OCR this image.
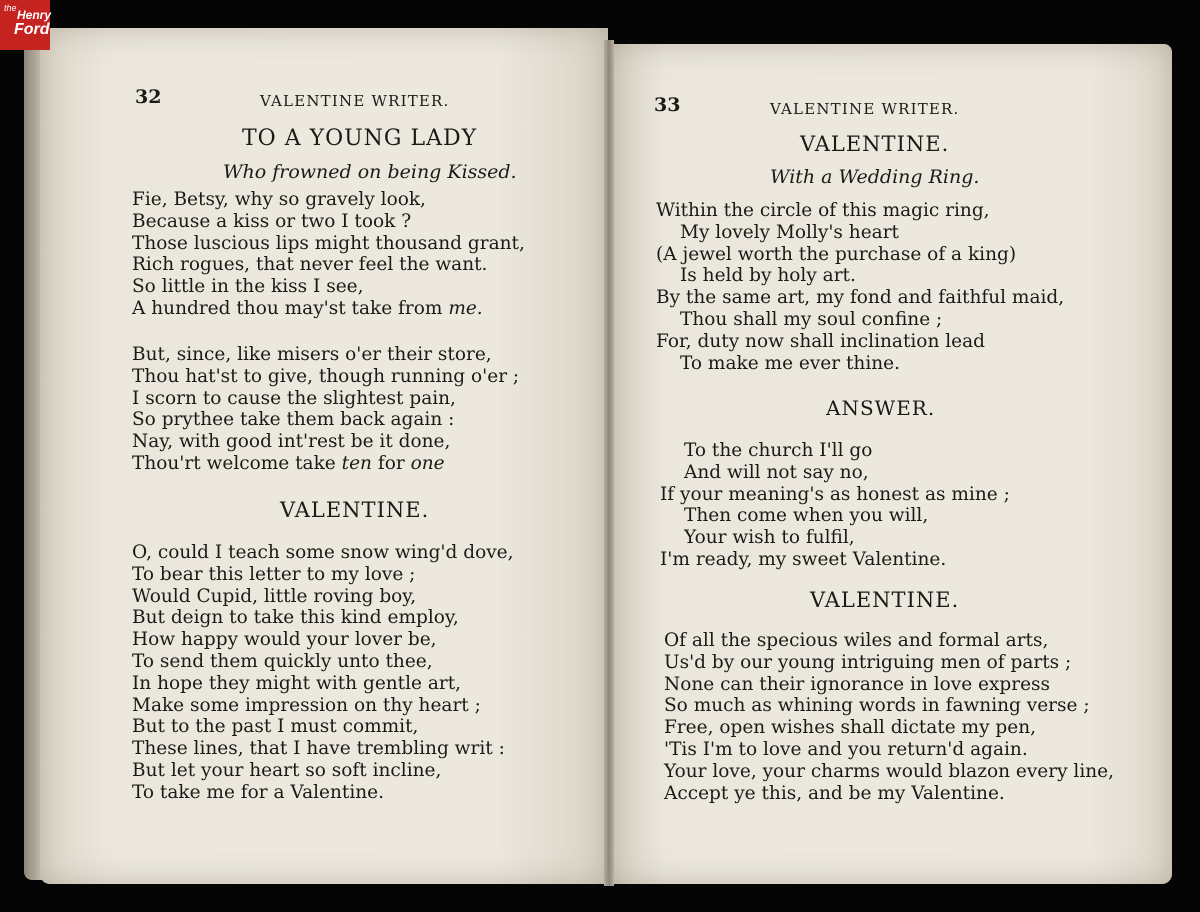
the Henry
Ford
32	VALENTINE WRITER.
TO A YOUNG LADY
Who frowned on being Kissed.
Fie, Betsy, why so gravely look,
Because a kiss or two I took ?
Those luscious lips might thousand grant,
Rich rogues, that never feel the want.
So little in the kiss I see,
A hundred thou may'st take from me.
But, since, like misers o'er their store,
Thou hat'st to give, though running o'er ;
I scorn to cause the slightest pain,
So prythee take them back again :
Nay, with good int'rest be it done,
Thou'rt welcome take ten for one
VALENTINE.
O, could I teach some snow wing'd dove,
To bear this letter to my love ;
Would Cupid, little roving boy,
But deign to take this kind employ,
How happy would your lover be,
To send them quickly unto thee,
In hope they might with gentle art,
Make some impression on thy heart ;
But to the past I must commit,
These lines, that I have trembling writ :
But let your heart so soft incline,
To take me for a Valentine.
33	VALENTINE WRITER.
VALENTINE.
With a Wedding Ring.
Within the circle of this magic ring,
My lovely Molly's heart
(A jewel worth the purchase of a king)
Is held by holy art.
By the same art, my fond and faithful maid,
Thou shall my soul confine ;
For, duty now shall inclination lead
To make me ever thine.
ANSWER.
To the church I'll go
And will not say no,
If your meaning's as honest as mine ;
Then come when you will,
Your wish to fulfil,
I'm ready, my sweet Valentine.
VALENTINE.
Of all the specious wiles and formal arts,
Us'd by our young intriguing men of parts ;
None can their ignorance in love express
So much as whining words in fawning verse ;
Free, open wishes shall dictate my pen,
'Tis I'm to love and you return'd again.
Your love, your charms would blazon every line,
Accept ye this, and be my Valentine.
